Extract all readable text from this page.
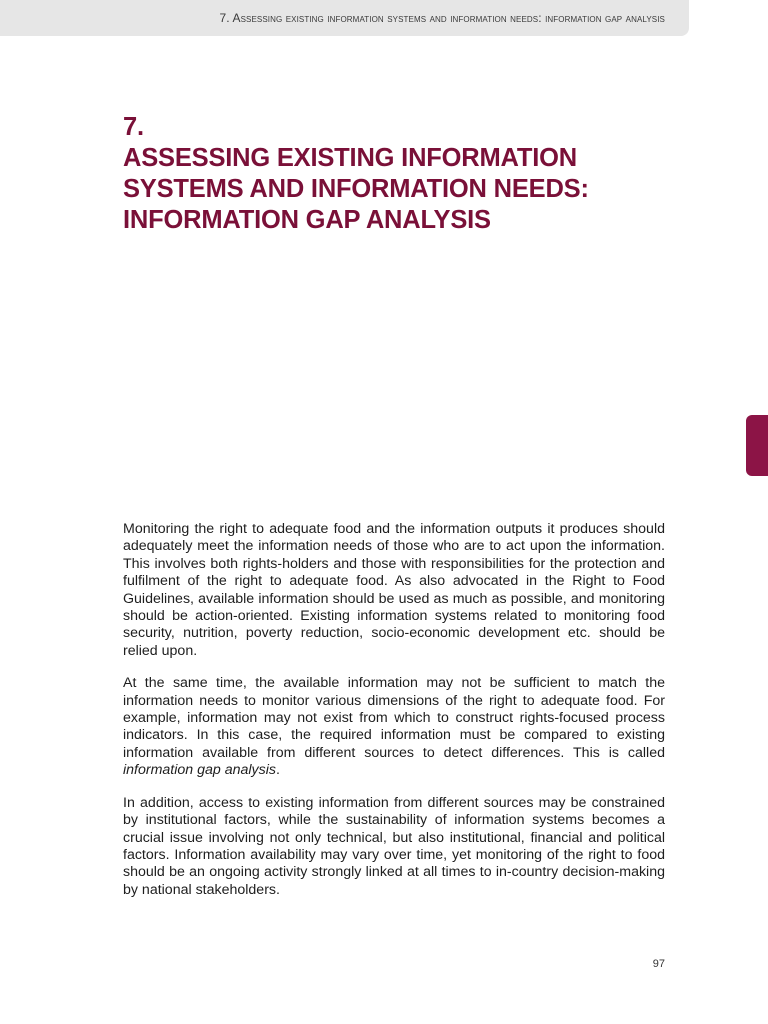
7. Assessing existing information systems and information needs: information gap analysis
7.
ASSESSING EXISTING INFORMATION
SYSTEMS AND INFORMATION NEEDS:
INFORMATION GAP ANALYSIS

Monitoring the right to adequate food and the information outputs it produces should adequately meet the information needs of those who are to act upon the information. This involves both rights-holders and those with responsibilities for the protection and fulfilment of the right to adequate food. As also advocated in the Right to Food Guidelines, available information should be used as much as possible, and monitoring should be action-oriented. Existing information systems related to monitoring food security, nutrition, poverty reduction, socio-economic development etc. should be relied upon.

At the same time, the available information may not be sufficient to match the information needs to monitor various dimensions of the right to adequate food. For example, information may not exist from which to construct rights-focused process indicators. In this case, the required information must be compared to existing information available from different sources to detect differences. This is called information gap analysis.

In addition, access to existing information from different sources may be constrained by institutional factors, while the sustainability of information systems becomes a crucial issue involving not only technical, but also institutional, financial and political factors. Information availability may vary over time, yet monitoring of the right to food should be an ongoing activity strongly linked at all times to in-country decision-making by national stakeholders.

97
